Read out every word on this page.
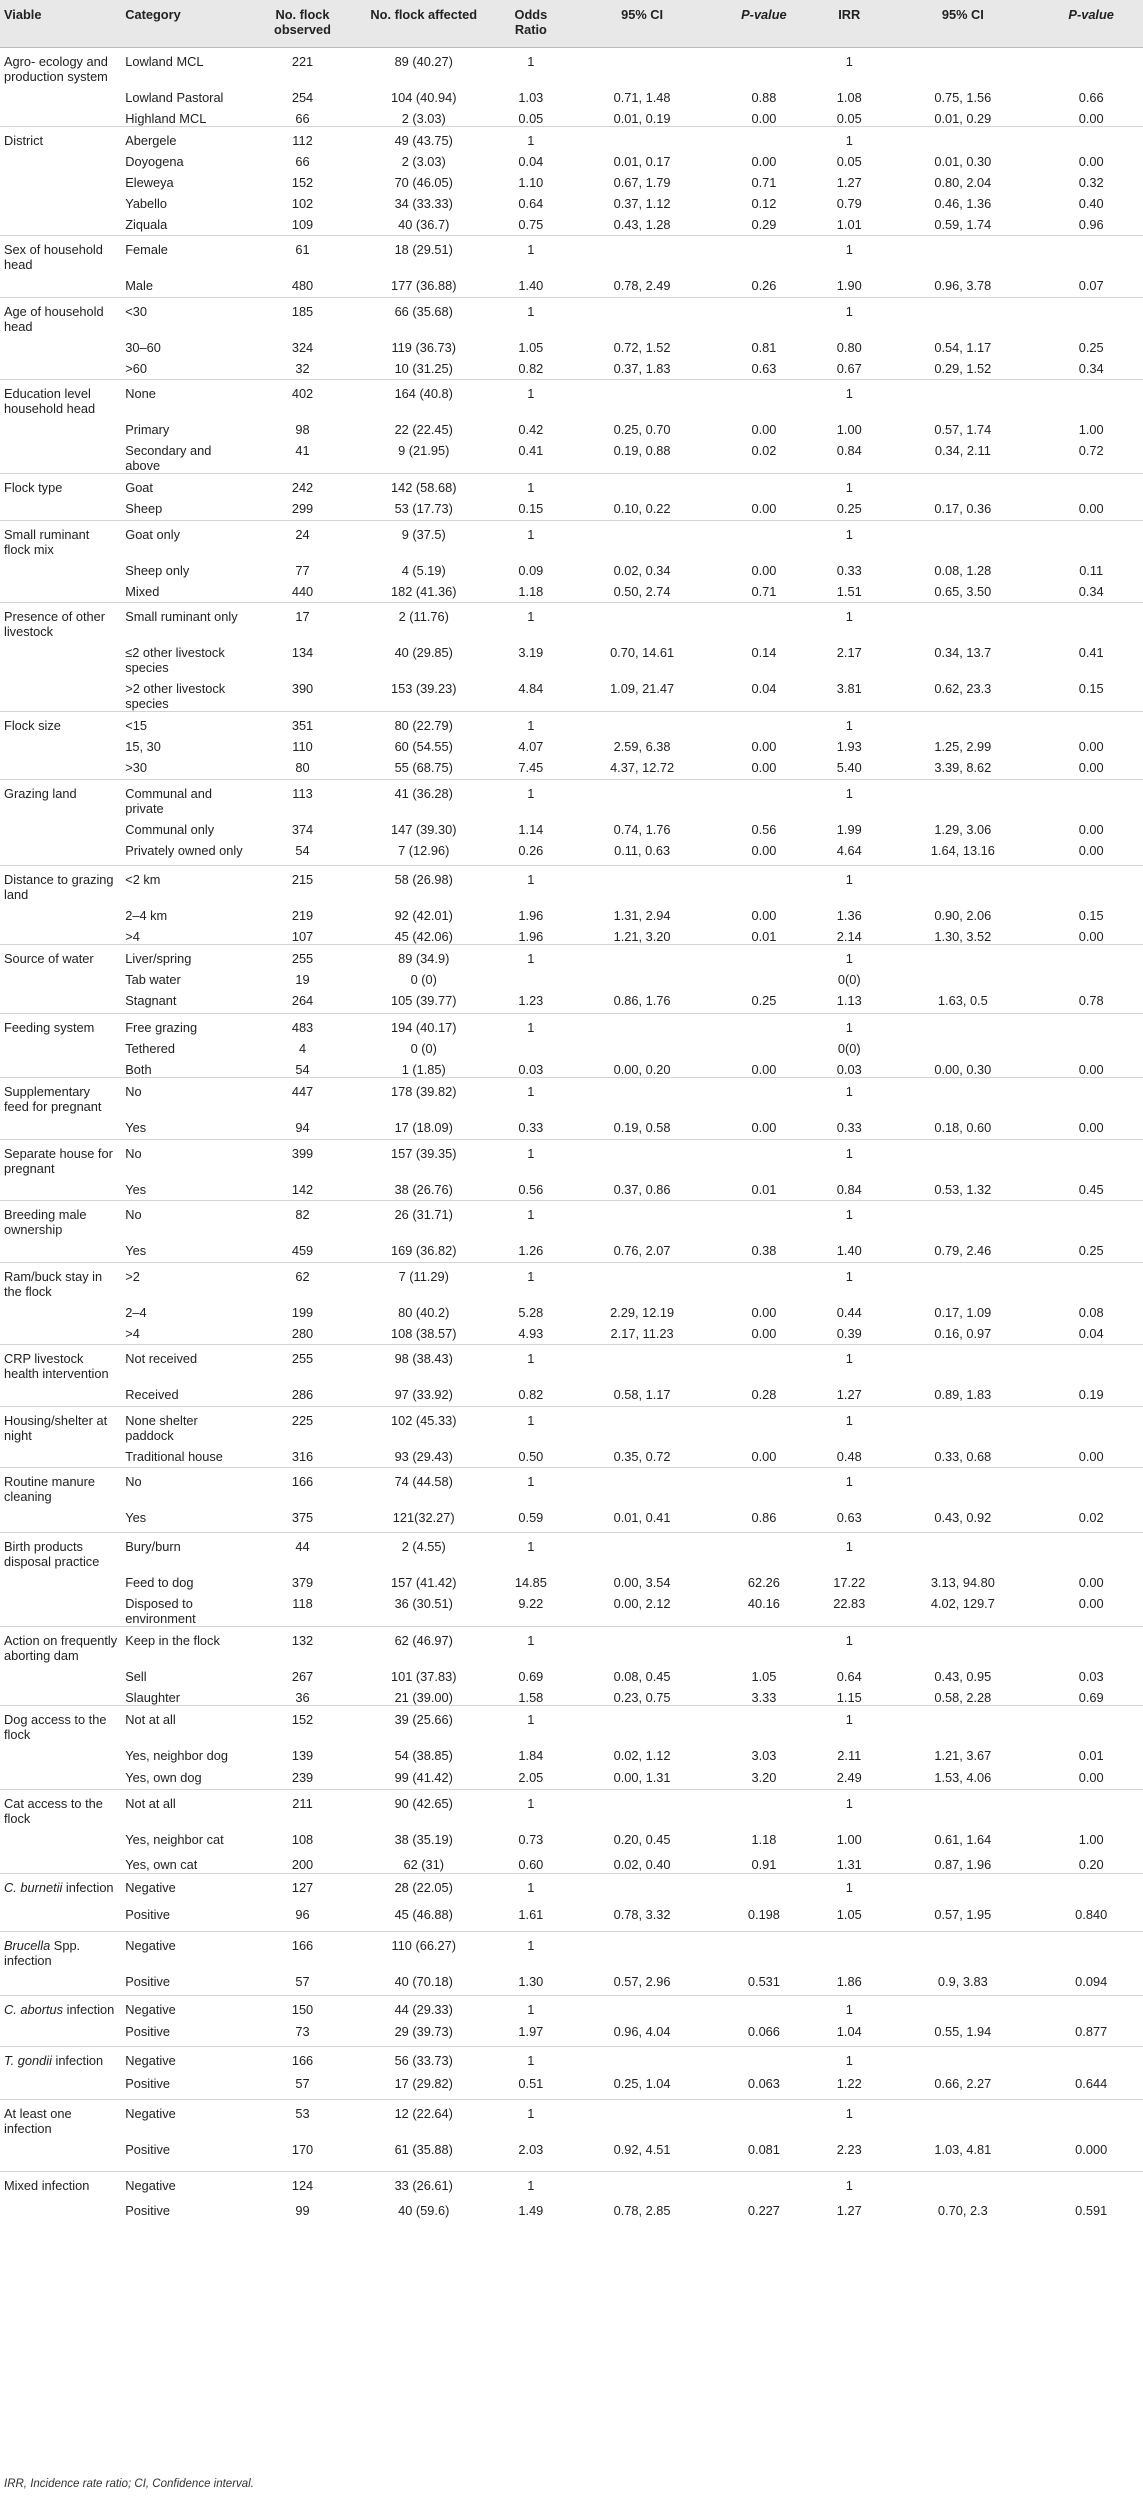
Viable	Category	No. flock observed	No. flock affected	Odds Ratio	95% CI	P-value	IRR	95% CI	P-value
Agro- ecology and production system	Lowland MCL	221	89 (40.27)	1			1		
	Lowland Pastoral	254	104 (40.94)	1.03	0.71, 1.48	0.88	1.08	0.75, 1.56	0.66
	Highland MCL	66	2 (3.03)	0.05	0.01, 0.19	0.00	0.05	0.01, 0.29	0.00
District	Abergele	112	49 (43.75)	1			1		
	Doyogena	66	2 (3.03)	0.04	0.01, 0.17	0.00	0.05	0.01, 0.30	0.00
	Eleweya	152	70 (46.05)	1.10	0.67, 1.79	0.71	1.27	0.80, 2.04	0.32
	Yabello	102	34 (33.33)	0.64	0.37, 1.12	0.12	0.79	0.46, 1.36	0.40
	Ziquala	109	40 (36.7)	0.75	0.43, 1.28	0.29	1.01	0.59, 1.74	0.96
Sex of household head	Female	61	18 (29.51)	1			1		
	Male	480	177 (36.88)	1.40	0.78, 2.49	0.26	1.90	0.96, 3.78	0.07
Age of household head	<30	185	66 (35.68)	1			1		
	30–60	324	119 (36.73)	1.05	0.72, 1.52	0.81	0.80	0.54, 1.17	0.25
	>60	32	10 (31.25)	0.82	0.37, 1.83	0.63	0.67	0.29, 1.52	0.34
Education level household head	None	402	164 (40.8)	1			1		
	Primary	98	22 (22.45)	0.42	0.25, 0.70	0.00	1.00	0.57, 1.74	1.00
	Secondary and above	41	9 (21.95)	0.41	0.19, 0.88	0.02	0.84	0.34, 2.11	0.72
Flock type	Goat	242	142 (58.68)	1			1		
	Sheep	299	53 (17.73)	0.15	0.10, 0.22	0.00	0.25	0.17, 0.36	0.00
Small ruminant flock mix	Goat only	24	9 (37.5)	1			1		
	Sheep only	77	4 (5.19)	0.09	0.02, 0.34	0.00	0.33	0.08, 1.28	0.11
	Mixed	440	182 (41.36)	1.18	0.50, 2.74	0.71	1.51	0.65, 3.50	0.34
Presence of other livestock	Small ruminant only	17	2 (11.76)	1			1		
	≤2 other livestock species	134	40 (29.85)	3.19	0.70, 14.61	0.14	2.17	0.34, 13.7	0.41
	>2 other livestock species	390	153 (39.23)	4.84	1.09, 21.47	0.04	3.81	0.62, 23.3	0.15
Flock size	<15	351	80 (22.79)	1			1		
	15, 30	110	60 (54.55)	4.07	2.59, 6.38	0.00	1.93	1.25, 2.99	0.00
	>30	80	55 (68.75)	7.45	4.37, 12.72	0.00	5.40	3.39, 8.62	0.00
Grazing land	Communal and private	113	41 (36.28)	1			1		
	Communal only	374	147 (39.30)	1.14	0.74, 1.76	0.56	1.99	1.29, 3.06	0.00
	Privately owned only	54	7 (12.96)	0.26	0.11, 0.63	0.00	4.64	1.64, 13.16	0.00
Distance to grazing land	<2 km	215	58 (26.98)	1			1		
	2–4 km	219	92 (42.01)	1.96	1.31, 2.94	0.00	1.36	0.90, 2.06	0.15
	>4	107	45 (42.06)	1.96	1.21, 3.20	0.01	2.14	1.30, 3.52	0.00
Source of water	Liver/spring	255	89 (34.9)	1			1		
	Tab water	19	0 (0)				0(0)		
	Stagnant	264	105 (39.77)	1.23	0.86, 1.76	0.25	1.13	1.63, 0.5	0.78
Feeding system	Free grazing	483	194 (40.17)	1			1		
	Tethered	4	0 (0)				0(0)		
	Both	54	1 (1.85)	0.03	0.00, 0.20	0.00	0.03	0.00, 0.30	0.00
Supplementary feed for pregnant	No	447	178 (39.82)	1			1		
	Yes	94	17 (18.09)	0.33	0.19, 0.58	0.00	0.33	0.18, 0.60	0.00
Separate house for pregnant	No	399	157 (39.35)	1			1		
	Yes	142	38 (26.76)	0.56	0.37, 0.86	0.01	0.84	0.53, 1.32	0.45
Breeding male ownership	No	82	26 (31.71)	1			1		
	Yes	459	169 (36.82)	1.26	0.76, 2.07	0.38	1.40	0.79, 2.46	0.25
Ram/buck stay in the flock	>2	62	7 (11.29)	1			1		
	2–4	199	80 (40.2)	5.28	2.29, 12.19	0.00	0.44	0.17, 1.09	0.08
	>4	280	108 (38.57)	4.93	2.17, 11.23	0.00	0.39	0.16, 0.97	0.04
CRP livestock health intervention	Not received	255	98 (38.43)	1			1		
	Received	286	97 (33.92)	0.82	0.58, 1.17	0.28	1.27	0.89, 1.83	0.19
Housing/shelter at night	None shelter paddock	225	102 (45.33)	1			1		
	Traditional house	316	93 (29.43)	0.50	0.35, 0.72	0.00	0.48	0.33, 0.68	0.00
Routine manure cleaning	No	166	74 (44.58)	1			1		
	Yes	375	121(32.27)	0.59	0.01, 0.41	0.86	0.63	0.43, 0.92	0.02
Birth products disposal practice	Bury/burn	44	2 (4.55)	1			1		
	Feed to dog	379	157 (41.42)	14.85	0.00, 3.54	62.26	17.22	3.13, 94.80	0.00
	Disposed to environment	118	36 (30.51)	9.22	0.00, 2.12	40.16	22.83	4.02, 129.7	0.00
Action on frequently aborting dam	Keep in the flock	132	62 (46.97)	1			1		
	Sell	267	101 (37.83)	0.69	0.08, 0.45	1.05	0.64	0.43, 0.95	0.03
	Slaughter	36	21 (39.00)	1.58	0.23, 0.75	3.33	1.15	0.58, 2.28	0.69
Dog access to the flock	Not at all	152	39 (25.66)	1			1		
	Yes, neighbor dog	139	54 (38.85)	1.84	0.02, 1.12	3.03	2.11	1.21, 3.67	0.01
	Yes, own dog	239	99 (41.42)	2.05	0.00, 1.31	3.20	2.49	1.53, 4.06	0.00
Cat access to the flock	Not at all	211	90 (42.65)	1			1		
	Yes, neighbor cat	108	38 (35.19)	0.73	0.20, 0.45	1.18	1.00	0.61, 1.64	1.00
	Yes, own cat	200	62 (31)	0.60	0.02, 0.40	0.91	1.31	0.87, 1.96	0.20
C. burnetii infection	Negative	127	28 (22.05)	1			1		
	Positive	96	45 (46.88)	1.61	0.78, 3.32	0.198	1.05	0.57, 1.95	0.840
Brucella Spp. infection	Negative	166	110 (66.27)	1					
	Positive	57	40 (70.18)	1.30	0.57, 2.96	0.531	1.86	0.9, 3.83	0.094
C. abortus infection	Negative	150	44 (29.33)	1			1		
	Positive	73	29 (39.73)	1.97	0.96, 4.04	0.066	1.04	0.55, 1.94	0.877
T. gondii infection	Negative	166	56 (33.73)	1			1		
	Positive	57	17 (29.82)	0.51	0.25, 1.04	0.063	1.22	0.66, 2.27	0.644
At least one infection	Negative	53	12 (22.64)	1			1		
	Positive	170	61 (35.88)	2.03	0.92, 4.51	0.081	2.23	1.03, 4.81	0.000
Mixed infection	Negative	124	33 (26.61)	1			1		
	Positive	99	40 (59.6)	1.49	0.78, 2.85	0.227	1.27	0.70, 2.3	0.591
IRR, Incidence rate ratio; CI, Confidence interval.
